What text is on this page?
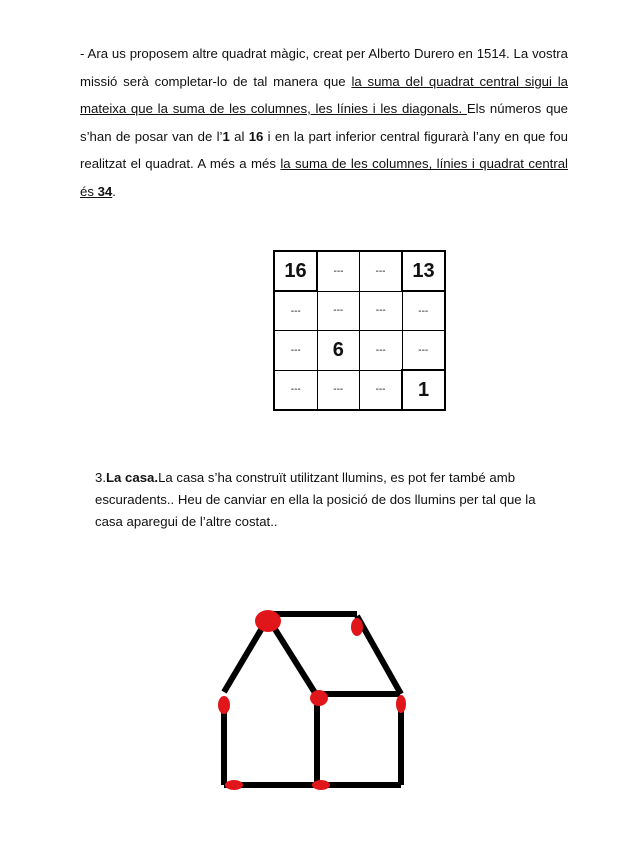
- Ara us proposem altre quadrat màgic, creat per Alberto Durero en 1514. La vostra missió serà completar-lo de tal manera que la suma del quadrat central sigui la mateixa que la suma de les columnes, les línies i les diagonals. Els números que s’han de posar van de l’1 al 16 i en la part inferior central figurarà l’any en que fou realitzat el quadrat. A més a més la suma de les columnes, línies i quadrat central és 34.
16	---	---	13
---	---	---	---
---	6	---	---
---	---	---	1
3.La casa.La casa s’ha construït utilitzant llumins, es pot fer també amb escuradents.. Heu de canviar en ella la posició de dos llumins per tal que la casa aparegui de l’altre costat..
